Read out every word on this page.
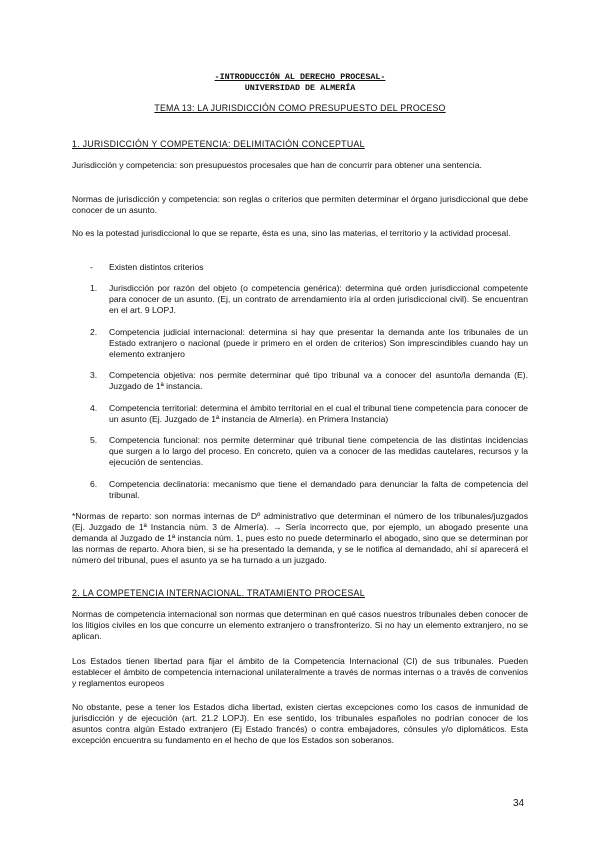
-INTRODUCCIÓN AL DERECHO PROCESAL-
UNIVERSIDAD DE ALMERÍA
TEMA 13: LA JURISDICCIÓN COMO PRESUPUESTO DEL PROCESO
1. JURISDICCIÓN Y COMPETENCIA: DELIMITACIÓN CONCEPTUAL
Jurisdicción y competencia: son presupuestos procesales que han de concurrir para obtener una sentencia.
Normas de jurisdicción y competencia: son reglas o criterios que permiten determinar el órgano jurisdiccional que debe conocer de un asunto.
No es la potestad jurisdiccional lo que se reparte, ésta es una, sino las materias, el territorio y la actividad procesal.
- Existen distintos criterios
1.	Jurisdicción por razón del objeto (o competencia genérica): determina qué orden jurisdiccional competente para conocer de un asunto. (Ej, un contrato de arrendamiento iría al orden jurisdiccional civil). Se encuentran en el art. 9 LOPJ.
2.	Competencia judicial internacional: determina si hay que presentar la demanda ante los tribunales de un Estado extranjero o nacional (puede ir primero en el orden de criterios) Son imprescindibles cuando hay un elemento extranjero
3.	Competencia objetiva: nos permite determinar qué tipo tribunal va a conocer del asunto/la demanda (E). Juzgado de 1ª instancia.
4.	Competencia territorial: determina el ámbito territorial en el cual el tribunal tiene competencia para conocer de un asunto (Ej. Juzgado de 1ª instancia de Almería). en Primera Instancia)
5.	Competencia funcional: nos permite determinar qué tribunal tiene competencia de las distintas incidencias que surgen a lo largo del proceso. En concreto, quien va a conocer de las medidas cautelares, recursos y la ejecución de sentencias.
6.	Competencia declinatoria: mecanismo que tiene el demandado para denunciar la falta de competencia del tribunal.
*Normas de reparto: son normas internas de Dº administrativo que determinan el número de los tribunales/juzgados (Ej. Juzgado de 1ª Instancia núm. 3 de Almería). → Sería incorrecto que, por ejemplo, un abogado presente una demanda al Juzgado de 1ª instancia núm. 1, pues esto no puede determinarlo el abogado, sino que se determinan por las normas de reparto. Ahora bien, si se ha presentado la demanda, y se le notifica al demandado, ahí sí aparecerá el número del tribunal, pues el asunto ya se ha turnado a un juzgado.
2. LA COMPETENCIA INTERNACIONAL. TRATAMIENTO PROCESAL
Normas de competencia internacional son normas que determinan en qué casos nuestros tribunales deben conocer de los litigios civiles en los que concurre un elemento extranjero o transfronterizo. Si no hay un elemento extranjero, no se aplican.
Los Estados tienen libertad para fijar el ámbito de la Competencia Internacional (CI) de sus tribunales. Pueden establecer el ámbito de competencia internacional unilateralmente a través de normas internas o a través de convenios y reglamentos europeos
No obstante, pese a tener los Estados dicha libertad, existen ciertas excepciones como los casos de inmunidad de jurisdicción y de ejecución (art. 21.2 LOPJ). En ese sentido, los tribunales españoles no podrían conocer de los asuntos contra algún Estado extranjero (Ej Estado francés) o contra embajadores, cónsules y/o diplomáticos. Esta excepción encuentra su fundamento en el hecho de que los Estados son soberanos.
34
